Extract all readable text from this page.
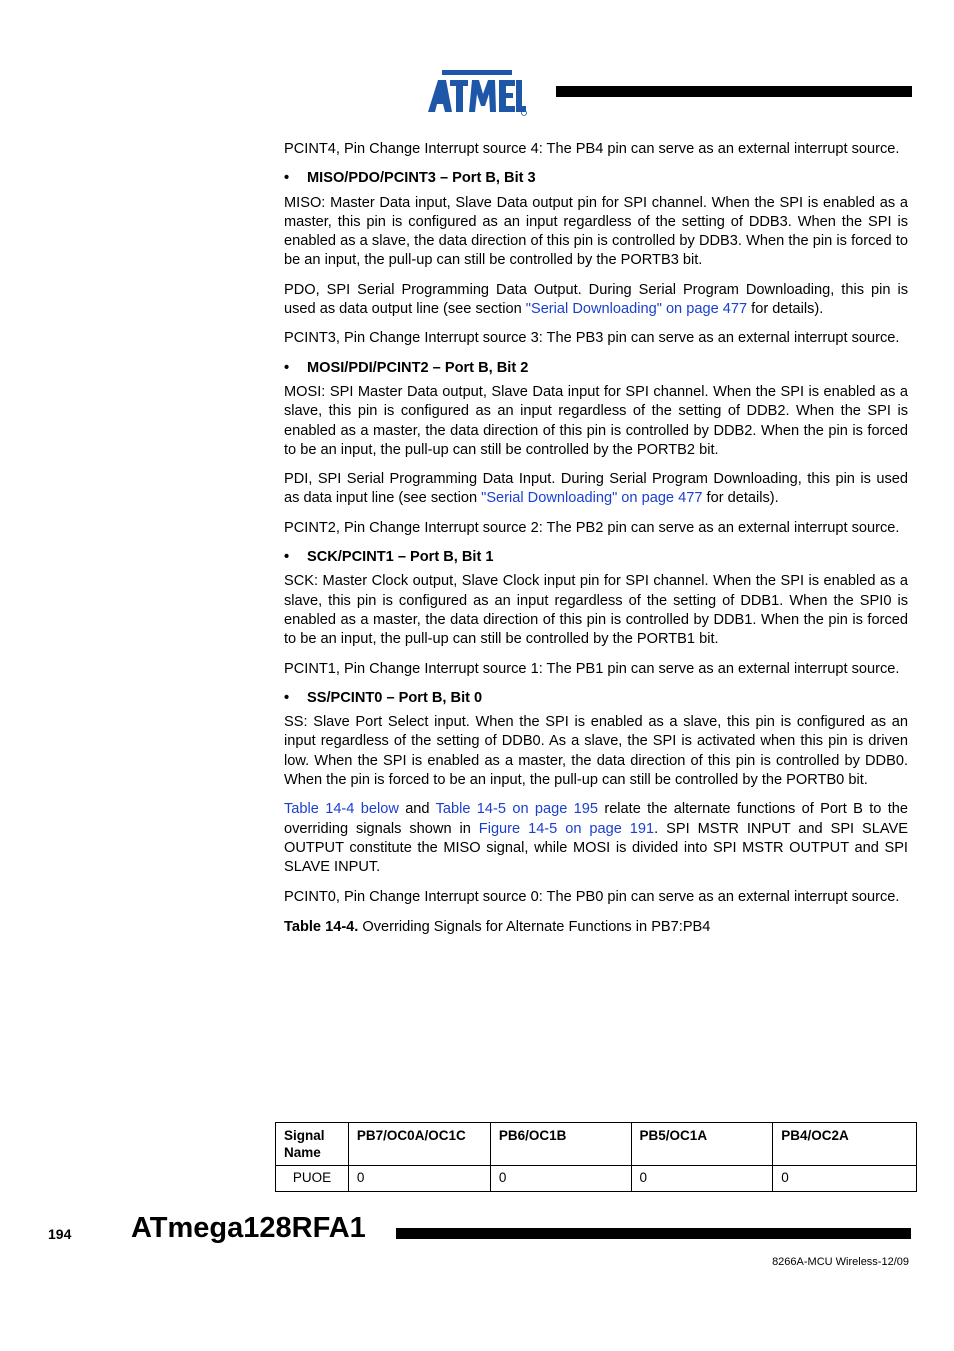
PCINT4, Pin Change Interrupt source 4: The PB4 pin can serve as an external interrupt source.

• MISO/PDO/PCINT3 – Port B, Bit 3

MISO: Master Data input, Slave Data output pin for SPI channel. When the SPI is enabled as a master, this pin is configured as an input regardless of the setting of DDB3. When the SPI is enabled as a slave, the data direction of this pin is controlled by DDB3. When the pin is forced to be an input, the pull-up can still be controlled by the PORTB3 bit.

PDO, SPI Serial Programming Data Output. During Serial Program Downloading, this pin is used as data output line (see section "Serial Downloading" on page 477 for details).

PCINT3, Pin Change Interrupt source 3: The PB3 pin can serve as an external interrupt source.

• MOSI/PDI/PCINT2 – Port B, Bit 2

MOSI: SPI Master Data output, Slave Data input for SPI channel. When the SPI is enabled as a slave, this pin is configured as an input regardless of the setting of DDB2. When the SPI is enabled as a master, the data direction of this pin is controlled by DDB2. When the pin is forced to be an input, the pull-up can still be controlled by the PORTB2 bit.

PDI, SPI Serial Programming Data Input. During Serial Program Downloading, this pin is used as data input line (see section "Serial Downloading" on page 477 for details).

PCINT2, Pin Change Interrupt source 2: The PB2 pin can serve as an external interrupt source.

• SCK/PCINT1 – Port B, Bit 1

SCK: Master Clock output, Slave Clock input pin for SPI channel. When the SPI is enabled as a slave, this pin is configured as an input regardless of the setting of DDB1. When the SPI0 is enabled as a master, the data direction of this pin is controlled by DDB1. When the pin is forced to be an input, the pull-up can still be controlled by the PORTB1 bit.

PCINT1, Pin Change Interrupt source 1: The PB1 pin can serve as an external interrupt source.

• SS/PCINT0 – Port B, Bit 0

SS: Slave Port Select input. When the SPI is enabled as a slave, this pin is configured as an input regardless of the setting of DDB0. As a slave, the SPI is activated when this pin is driven low. When the SPI is enabled as a master, the data direction of this pin is controlled by DDB0. When the pin is forced to be an input, the pull-up can still be controlled by the PORTB0 bit.

Table 14-4 below and Table 14-5 on page 195 relate the alternate functions of Port B to the overriding signals shown in Figure 14-5 on page 191. SPI MSTR INPUT and SPI SLAVE OUTPUT constitute the MISO signal, while MOSI is divided into SPI MSTR OUTPUT and SPI SLAVE INPUT.

PCINT0, Pin Change Interrupt source 0: The PB0 pin can serve as an external interrupt source.

Table 14-4. Overriding Signals for Alternate Functions in PB7:PB4
Signal Name	PB7/OC0A/OC1C	PB6/OC1B	PB5/OC1A	PB4/OC2A
PUOE	0	0	0	0
194 ATmega128RFA1
8266A-MCU Wireless-12/09
